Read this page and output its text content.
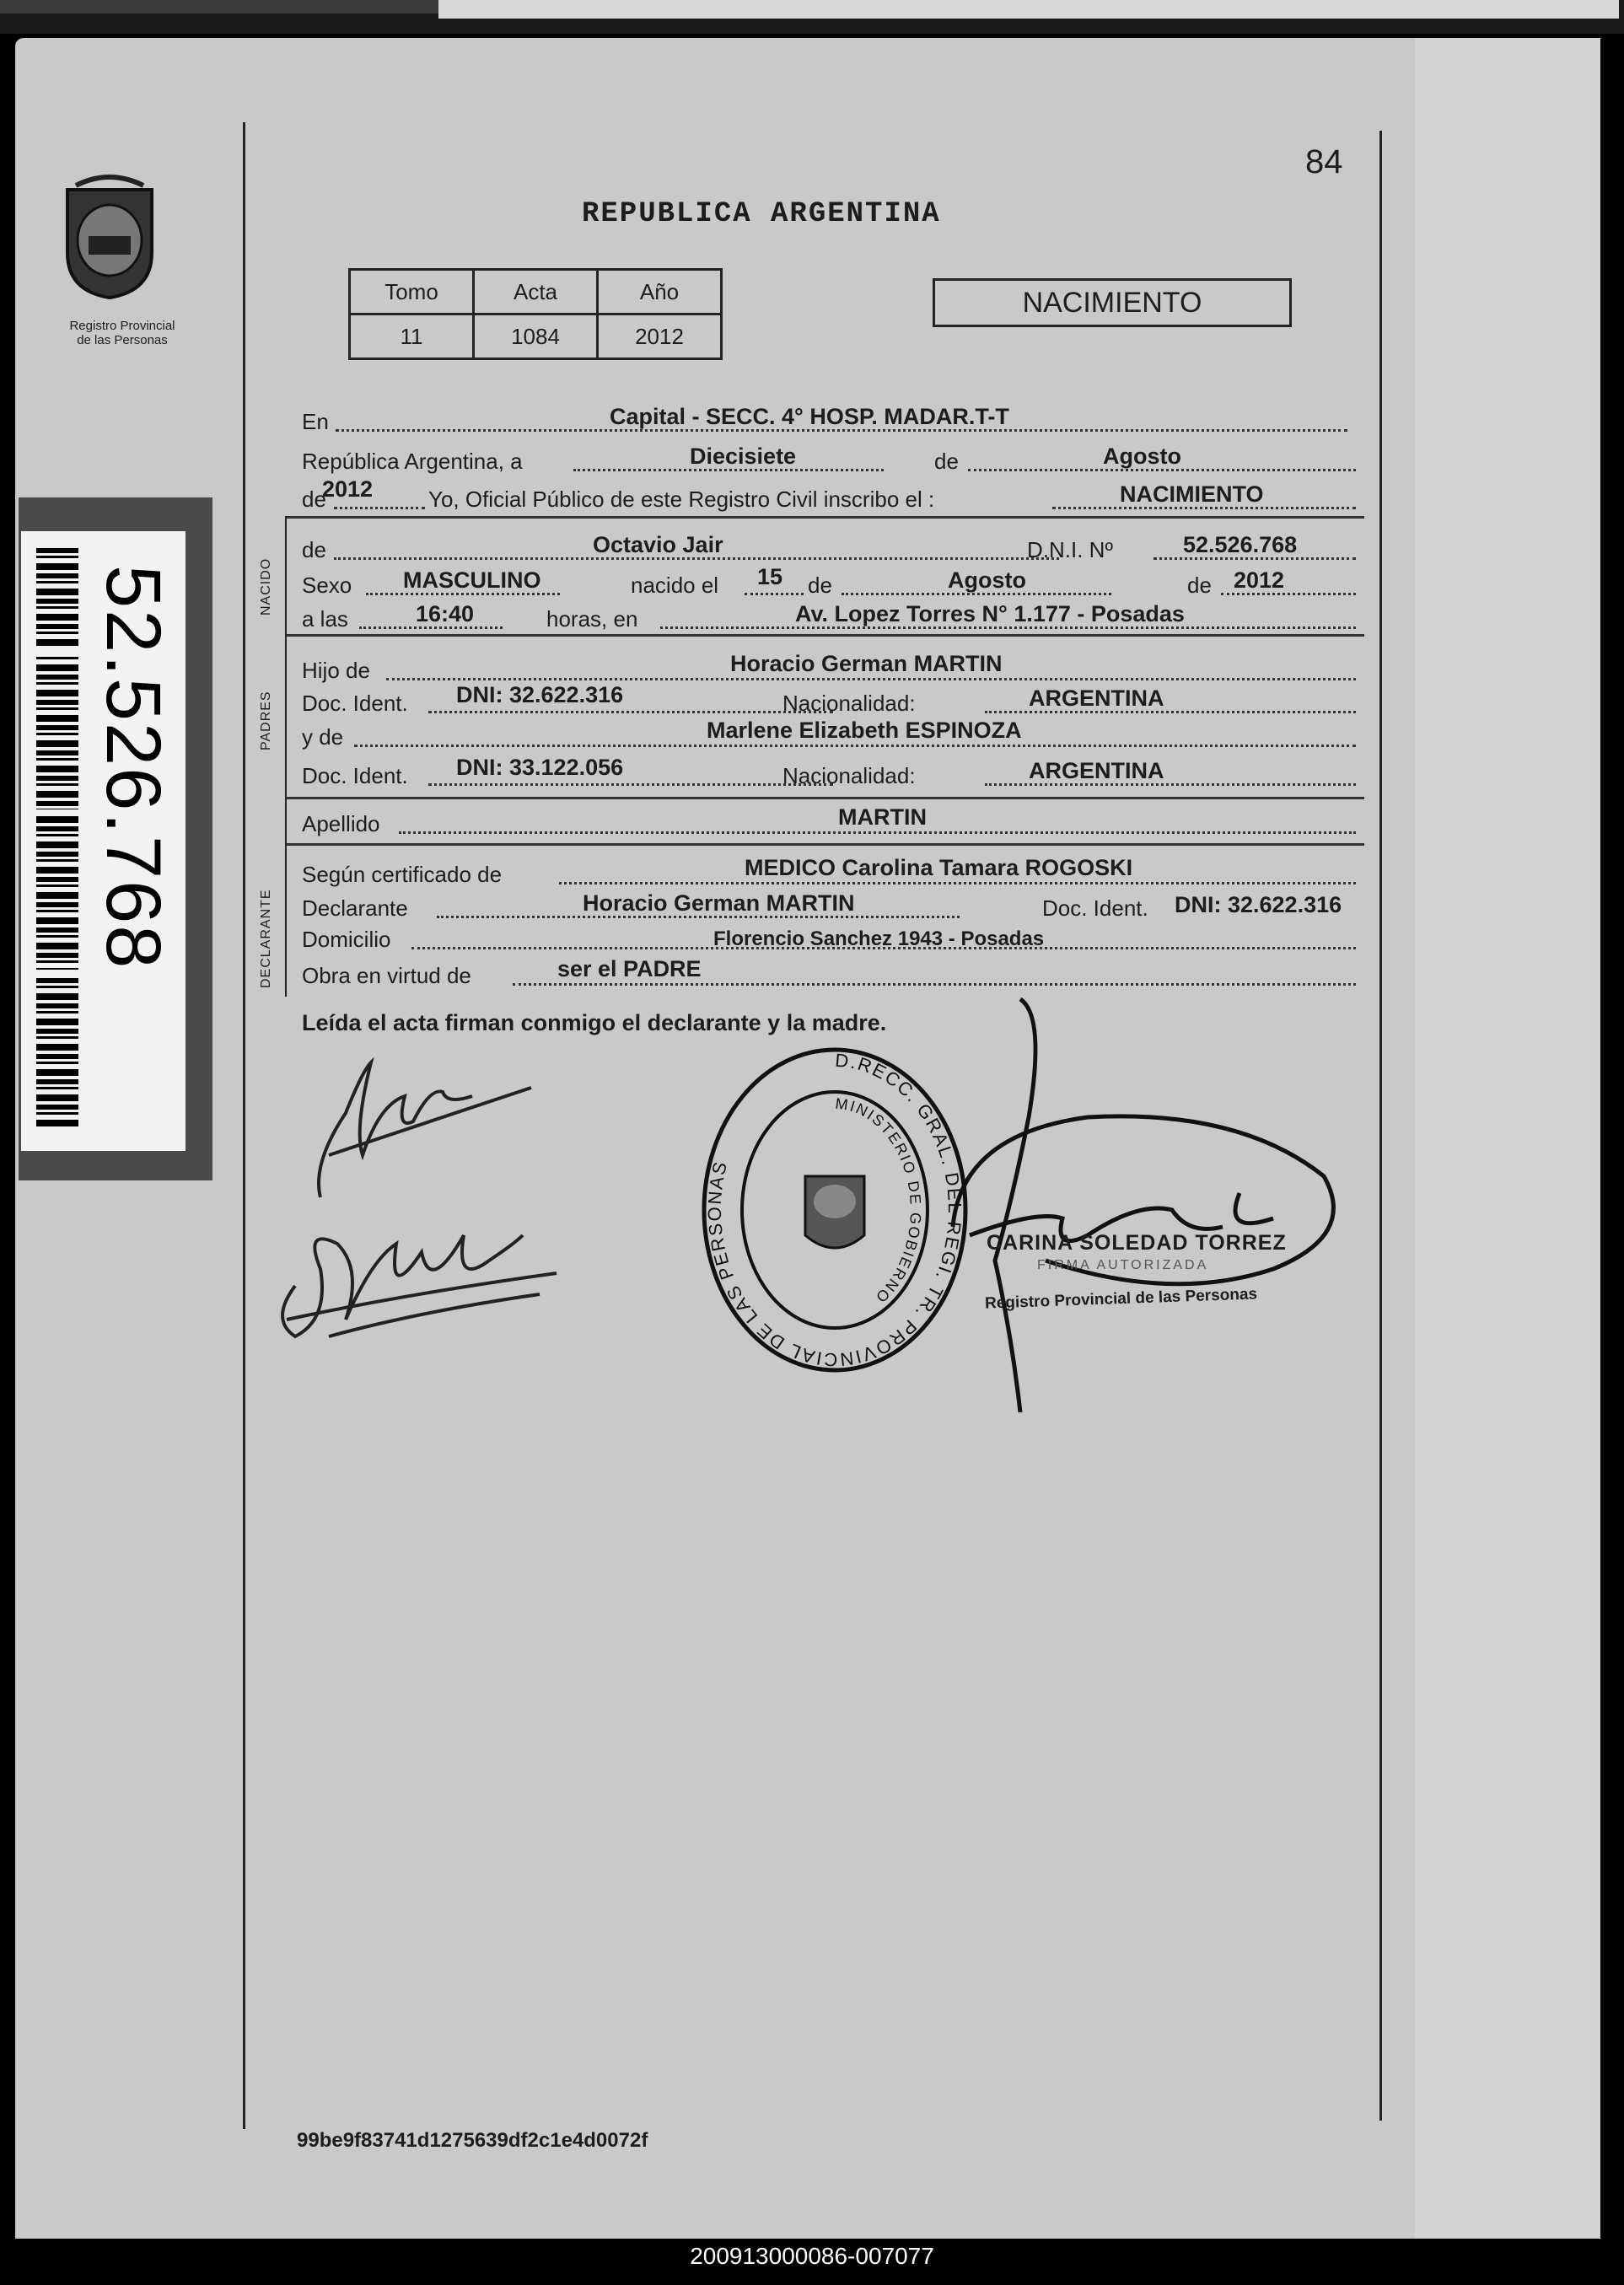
Registro Provincial
de las Personas
84
REPUBLICA ARGENTINA
Tomo	Acta	Año
11	1084	2012
NACIMIENTO
52.526.768	NACIDO
PADRES
DECLARANTE
En	Capital - SECC. 4° HOSP. MADAR.T-T
República Argentina, a	Diecisiete	de	Agosto
de
2012	Yo, Oficial Público de este Registro Civil inscribo el :	NACIMIENTO
de	Octavio Jair	D.N.I. Nº	52.526.768
Sexo MASCULINO	nacido el 15 de	Agosto	de 2012
a las	16:40	horas, en	Av. Lopez Torres N° 1.177 - Posadas
Hijo de	Horacio German MARTIN
Doc. Ident. DNI: 32.622.316	Nacionalidad:	ARGENTINA
y de	Marlene Elizabeth ESPINOZA
Doc. Ident. DNI: 33.122.056	Nacionalidad:	ARGENTINA
Apellido	MARTIN
Según certificado de	MEDICO Carolina Tamara ROGOSKI
Declarante	Horacio German MARTIN	Doc. Ident. DNI: 32.622.316
Domicilio	Florencio Sanchez 1943 - Posadas
Obra en virtud de	ser el PADRE
Leída el acta firman conmigo el declarante y la madre.
D.RECC. GRAL. DEL REGI. TR. PROVINCIAL DE LAS PERSONAS
MINISTERIO DE GOBIERNO
CARINA SOLEDAD TORREZ
FIRMA AUTORIZADA
Registro Provincial de las Personas
99be9f83741d1275639df2c1e4d0072f
200913000086-007077
